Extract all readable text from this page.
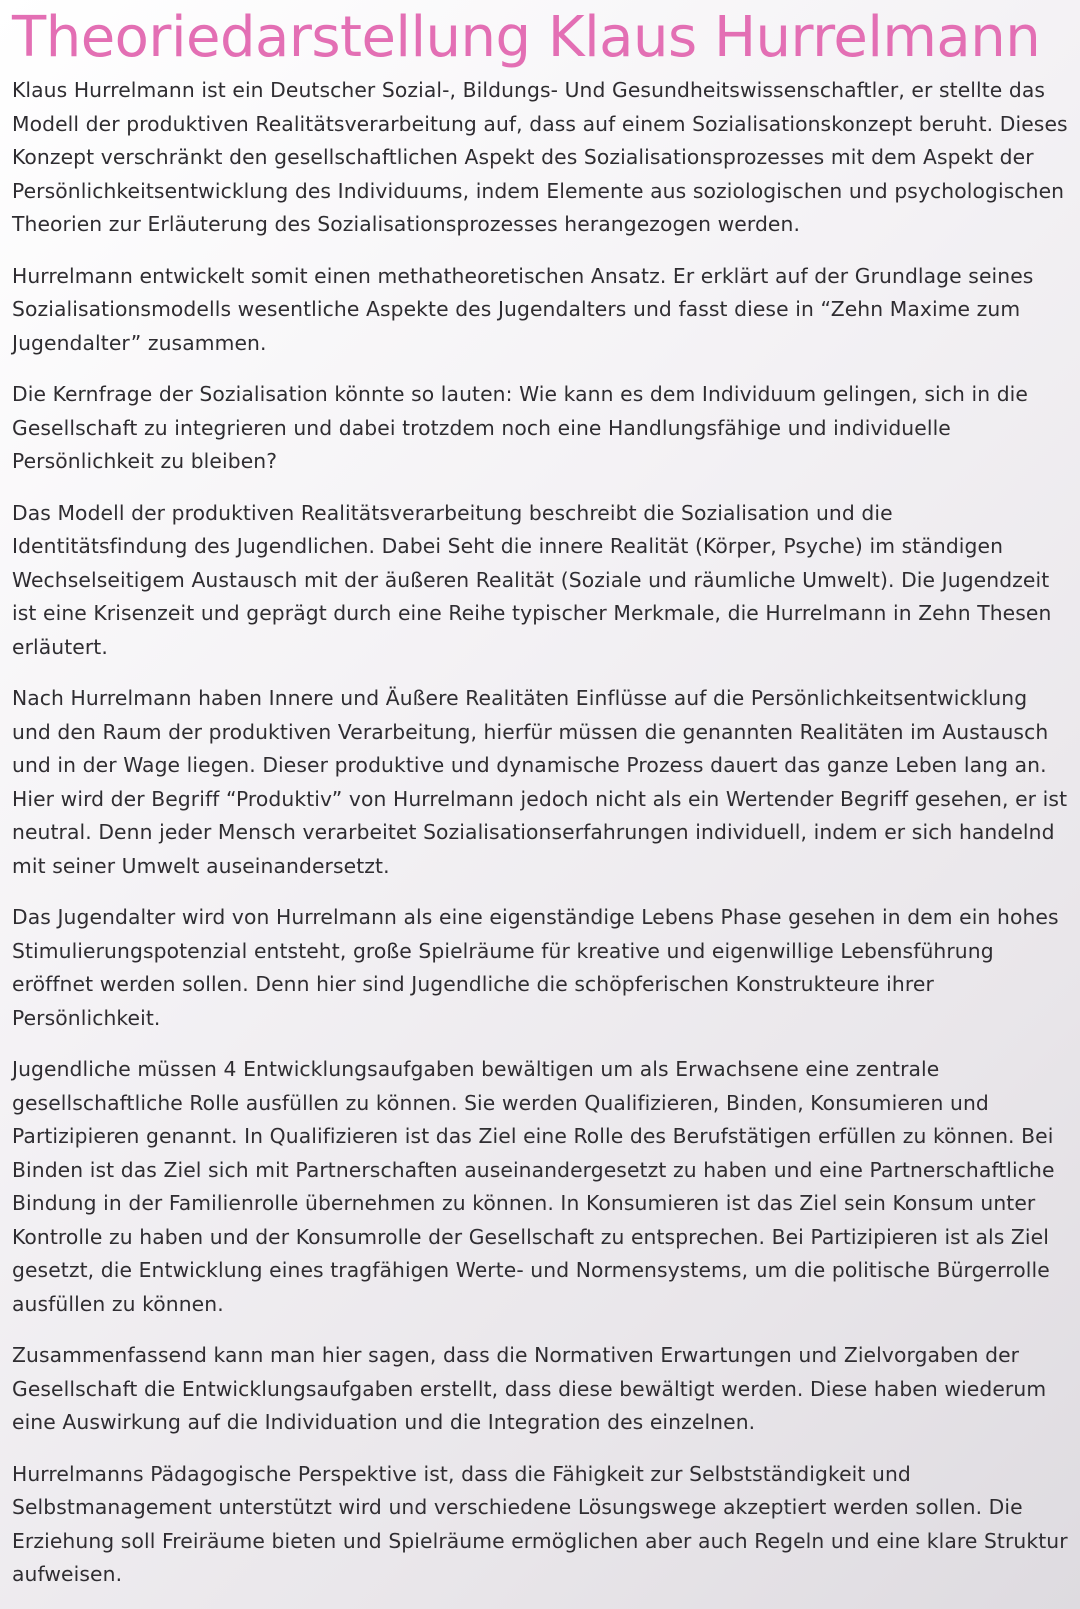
Theoriedarstellung Klaus Hurrelmann

Klaus Hurrelmann ist ein Deutscher Sozial-, Bildungs- Und Gesundheitswissenschaftler, er stellte das Modell der produktiven Realitätsverarbeitung auf, dass auf einem Sozialisationskonzept beruht. Dieses Konzept verschränkt den gesellschaftlichen Aspekt des Sozialisationsprozesses mit dem Aspekt der Persönlichkeitsentwicklung des Individuums, indem Elemente aus soziologischen und psychologischen Theorien zur Erläuterung des Sozialisationsprozesses herangezogen werden.

Hurrelmann entwickelt somit einen methatheoretischen Ansatz. Er erklärt auf der Grundlage seines Sozialisationsmodells wesentliche Aspekte des Jugendalters und fasst diese in “Zehn Maxime zum Jugendalter” zusammen.

Die Kernfrage der Sozialisation könnte so lauten: Wie kann es dem Individuum gelingen, sich in die Gesellschaft zu integrieren und dabei trotzdem noch eine Handlungsfähige und individuelle Persönlichkeit zu bleiben?

Das Modell der produktiven Realitätsverarbeitung beschreibt die Sozialisation und die Identitätsfindung des Jugendlichen. Dabei Seht die innere Realität (Körper, Psyche) im ständigen Wechselseitigem Austausch mit der äußeren Realität (Soziale und räumliche Umwelt). Die Jugendzeit ist eine Krisenzeit und geprägt durch eine Reihe typischer Merkmale, die Hurrelmann in Zehn Thesen erläutert.

Nach Hurrelmann haben Innere und Äußere Realitäten Einflüsse auf die Persönlichkeitsentwicklung und den Raum der produktiven Verarbeitung, hierfür müssen die genannten Realitäten im Austausch und in der Wage liegen. Dieser produktive und dynamische Prozess dauert das ganze Leben lang an. Hier wird der Begriff “Produktiv” von Hurrelmann jedoch nicht als ein Wertender Begriff gesehen, er ist neutral. Denn jeder Mensch verarbeitet Sozialisationserfahrungen individuell, indem er sich handelnd mit seiner Umwelt auseinandersetzt.

Das Jugendalter wird von Hurrelmann als eine eigenständige Lebens Phase gesehen in dem ein hohes Stimulierungspotenzial entsteht, große Spielräume für kreative und eigenwillige Lebensführung eröffnet werden sollen. Denn hier sind Jugendliche die schöpferischen Konstrukteure ihrer Persönlichkeit.

Jugendliche müssen 4 Entwicklungsaufgaben bewältigen um als Erwachsene eine zentrale gesellschaftliche Rolle ausfüllen zu können. Sie werden Qualifizieren, Binden, Konsumieren und Partizipieren genannt. In Qualifizieren ist das Ziel eine Rolle des Berufstätigen erfüllen zu können. Bei Binden ist das Ziel sich mit Partnerschaften auseinandergesetzt zu haben und eine Partnerschaftliche Bindung in der Familienrolle übernehmen zu können. In Konsumieren ist das Ziel sein Konsum unter Kontrolle zu haben und der Konsumrolle der Gesellschaft zu entsprechen. Bei Partizipieren ist als Ziel gesetzt, die Entwicklung eines tragfähigen Werte- und Normensystems, um die politische Bürgerrolle ausfüllen zu können.

Zusammenfassend kann man hier sagen, dass die Normativen Erwartungen und Zielvorgaben der Gesellschaft die Entwicklungsaufgaben erstellt, dass diese bewältigt werden. Diese haben wiederum eine Auswirkung auf die Individuation und die Integration des einzelnen.

Hurrelmanns Pädagogische Perspektive ist, dass die Fähigkeit zur Selbstständigkeit und Selbstmanagement unterstützt wird und verschiedene Lösungswege akzeptiert werden sollen. Die Erziehung soll Freiräume bieten und Spielräume ermöglichen aber auch Regeln und eine klare Struktur aufweisen.
